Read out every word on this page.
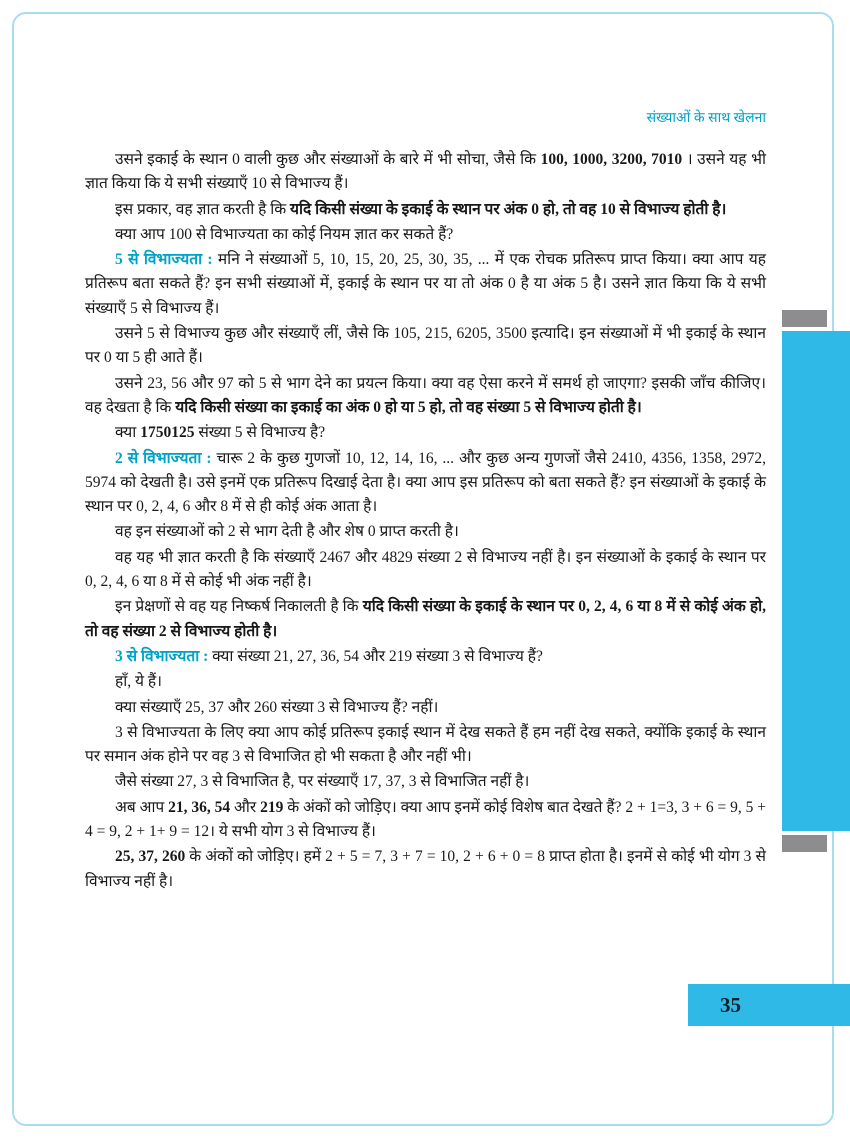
संख्याओं के साथ खेलना

उसने इकाई के स्थान 0 वाली कुछ और संख्याओं के बारे में भी सोचा, जैसे कि 100, 1000, 3200, 7010 । उसने यह भी ज्ञात किया कि ये सभी संख्याएँ 10 से विभाज्य हैं।

इस प्रकार, वह ज्ञात करती है कि यदि किसी संख्या के इकाई के स्थान पर अंक 0 हो, तो वह 10 से विभाज्य होती है।

क्या आप 100 से विभाज्यता का कोई नियम ज्ञात कर सकते हैं?

5 से विभाज्यता : मनि ने संख्याओं 5, 10, 15, 20, 25, 30, 35, ... में एक रोचक प्रतिरूप प्राप्त किया। क्या आप यह प्रतिरूप बता सकते हैं? इन सभी संख्याओं में, इकाई के स्थान पर या तो अंक 0 है या अंक 5 है। उसने ज्ञात किया कि ये सभी संख्याएँ 5 से विभाज्य हैं।

उसने 5 से विभाज्य कुछ और संख्याएँ लीं, जैसे कि 105, 215, 6205, 3500 इत्यादि। इन संख्याओं में भी इकाई के स्थान पर 0 या 5 ही आते हैं।

उसने 23, 56 और 97 को 5 से भाग देने का प्रयत्न किया। क्या वह ऐसा करने में समर्थ हो जाएगा? इसकी जाँच कीजिए। वह देखता है कि यदि किसी संख्या का इकाई का अंक 0 हो या 5 हो, तो वह संख्या 5 से विभाज्य होती है।

क्या 1750125 संख्या 5 से विभाज्य है?

2 से विभाज्यता : चारू 2 के कुछ गुणजों 10, 12, 14, 16, ... और कुछ अन्य गुणजों जैसे 2410, 4356, 1358, 2972, 5974 को देखती है। उसे इनमें एक प्रतिरूप दिखाई देता है। क्या आप इस प्रतिरूप को बता सकते हैं? इन संख्याओं के इकाई के स्थान पर 0, 2, 4, 6 और 8 में से ही कोई अंक आता है।

वह इन संख्याओं को 2 से भाग देती है और शेष 0 प्राप्त करती है।

वह यह भी ज्ञात करती है कि संख्याएँ 2467 और 4829 संख्या 2 से विभाज्य नहीं है। इन संख्याओं के इकाई के स्थान पर 0, 2, 4, 6 या 8 में से कोई भी अंक नहीं है।

इन प्रेक्षणों से वह यह निष्कर्ष निकालती है कि यदि किसी संख्या के इकाई के स्थान पर 0, 2, 4, 6 या 8 में से कोई अंक हो, तो वह संख्या 2 से विभाज्य होती है।

3 से विभाज्यता : क्या संख्या 21, 27, 36, 54 और 219 संख्या 3 से विभाज्य हैं?

हाँ, ये हैं।

क्या संख्याएँ 25, 37 और 260 संख्या 3 से विभाज्य हैं? नहीं।

3 से विभाज्यता के लिए क्या आप कोई प्रतिरूप इकाई स्थान में देख सकते हैं हम नहीं देख सकते, क्योंकि इकाई के स्थान पर समान अंक होने पर वह 3 से विभाजित हो भी सकता है और नहीं भी।

जैसे संख्या 27, 3 से विभाजित है, पर संख्याएँ 17, 37, 3 से विभाजित नहीं है।

अब आप 21, 36, 54 और 219 के अंकों को जोड़िए। क्या आप इनमें कोई विशेष बात देखते हैं? 2 + 1=3, 3 + 6 = 9, 5 + 4 = 9, 2 + 1+ 9 = 12। ये सभी योग 3 से विभाज्य हैं।

25, 37, 260 के अंकों को जोड़िए। हमें 2 + 5 = 7, 3 + 7 = 10, 2 + 6 + 0 = 8 प्राप्त होता है। इनमें से कोई भी योग 3 से विभाज्य नहीं है।

35
